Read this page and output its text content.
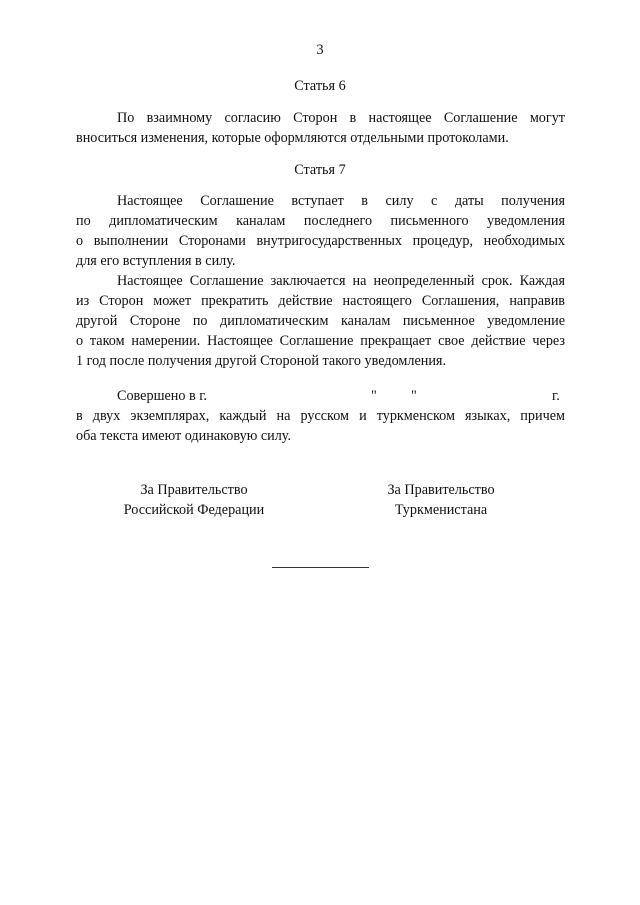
3
Статья 6
По взаимному согласию Сторон в настоящее Соглашение могут
вноситься изменения, которые оформляются отдельными протоколами.
Статья 7
Настоящее Соглашение вступает в силу с даты получения
по дипломатическим каналам последнего письменного уведомления
о выполнении Сторонами внутригосударственных процедур, необходимых
для его вступления в силу.
Настоящее Соглашение заключается на неопределенный срок. Каждая
из Сторон может прекратить действие настоящего Соглашения, направив
другой Стороне по дипломатическим каналам письменное уведомление
о таком намерении. Настоящее Соглашение прекращает свое действие через
1 год после получения другой Стороной такого уведомления.
Совершено в г.	" "	г.
в двух экземплярах, каждый на русском и туркменском языках, причем
оба текста имеют одинаковую силу.
За Правительство
Российской Федерации
За Правительство
Туркменистана
